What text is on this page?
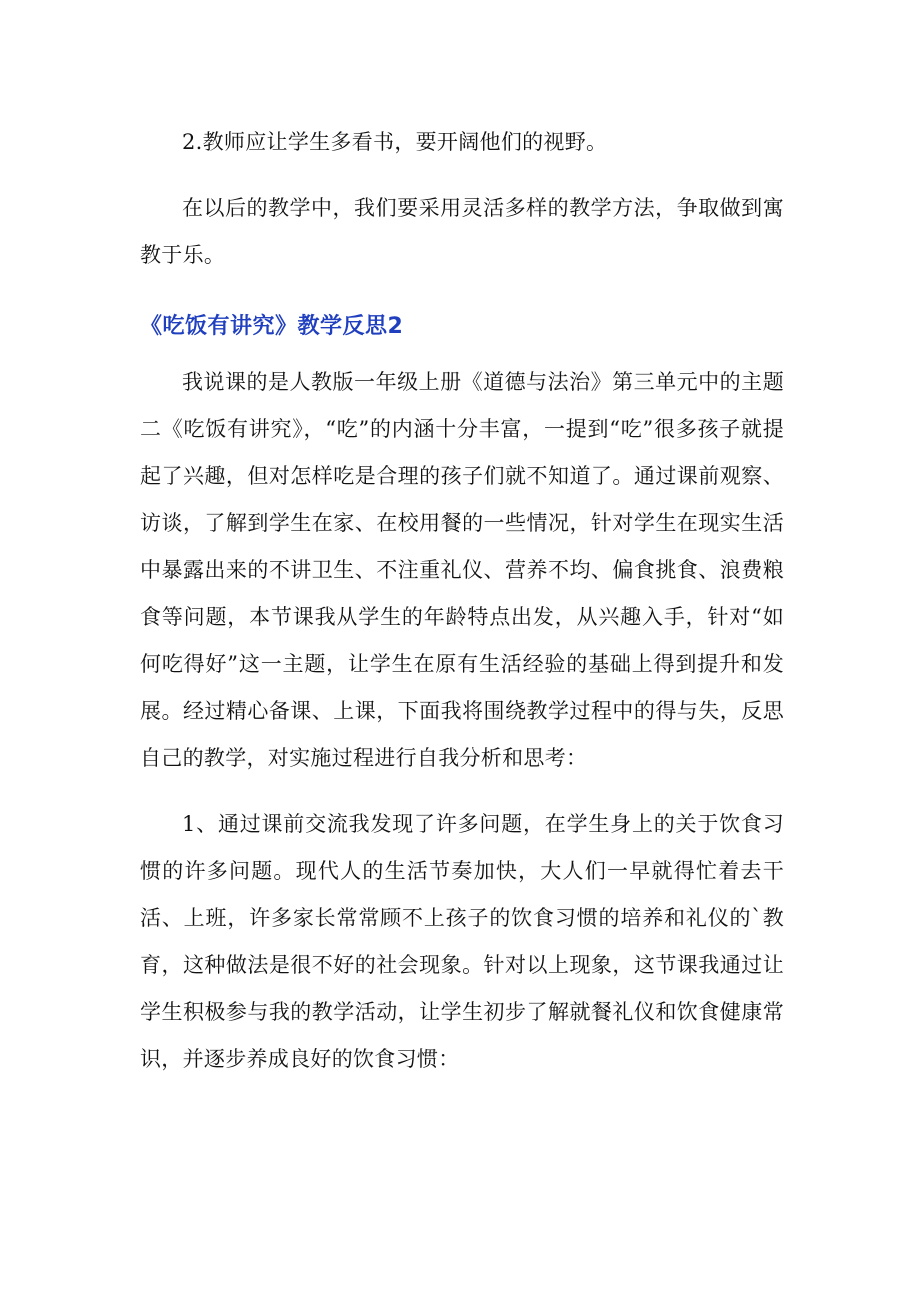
2.教师应让学生多看书，要开阔他们的视野。

在以后的教学中，我们要采用灵活多样的教学方法，争取做到寓教于乐。

《吃饭有讲究》教学反思2

我说课的是人教版一年级上册《道德与法治》第三单元中的主题二《吃饭有讲究》，“吃”的内涵十分丰富，一提到“吃”很多孩子就提起了兴趣，但对怎样吃是合理的孩子们就不知道了。通过课前观察、访谈，了解到学生在家、在校用餐的一些情况，针对学生在现实生活中暴露出来的不讲卫生、不注重礼仪、营养不均、偏食挑食、浪费粮食等问题，本节课我从学生的年龄特点出发，从兴趣入手，针对“如何吃得好”这一主题，让学生在原有生活经验的基础上得到提升和发展。经过精心备课、上课，下面我将围绕教学过程中的得与失，反思自己的教学，对实施过程进行自我分析和思考：

1、通过课前交流我发现了许多问题，在学生身上的关于饮食习惯的许多问题。现代人的生活节奏加快，大人们一早就得忙着去干活、上班，许多家长常常顾不上孩子的饮食习惯的培养和礼仪的`教育，这种做法是很不好的社会现象。针对以上现象，这节课我通过让学生积极参与我的教学活动，让学生初步了解就餐礼仪和饮食健康常识，并逐步养成良好的饮食习惯：
